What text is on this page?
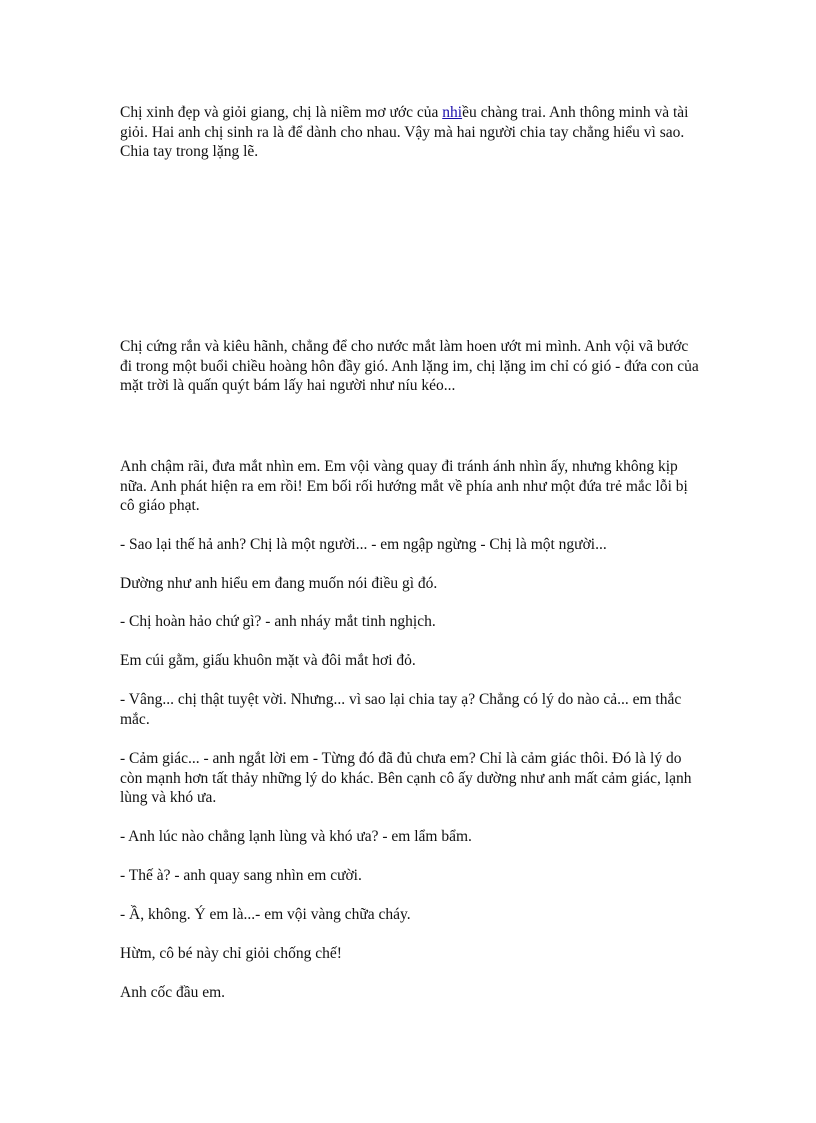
Chị xinh đẹp và giỏi giang, chị là niềm mơ ước của nhiều chàng trai. Anh thông minh và tài giỏi. Hai anh chị sinh ra là để dành cho nhau. Vậy mà hai người chia tay chẳng hiểu vì sao. Chia tay trong lặng lẽ.

Chị cứng rắn và kiêu hãnh, chẳng để cho nước mắt làm hoen ướt mi mình. Anh vội vã bước đi trong một buổi chiều hoàng hôn đầy gió. Anh lặng im, chị lặng im chỉ có gió - đứa con của mặt trời là quấn quýt bám lấy hai người như níu kéo...

Anh chậm rãi, đưa mắt nhìn em. Em vội vàng quay đi tránh ánh nhìn ấy, nhưng không kịp nữa. Anh phát hiện ra em rồi! Em bối rối hướng mắt về phía anh như một đứa trẻ mắc lỗi bị cô giáo phạt.

- Sao lại thế hả anh? Chị là một người... - em ngập ngừng - Chị là một người...

Dường như anh hiểu em đang muốn nói điều gì đó.

- Chị hoàn hảo chứ gì? - anh nháy mắt tinh nghịch.

Em cúi gằm, giấu khuôn mặt và đôi mắt hơi đỏ.

- Vâng... chị thật tuyệt vời. Nhưng... vì sao lại chia tay ạ? Chẳng có lý do nào cả... em thắc mắc.

- Cảm giác... - anh ngắt lời em - Từng đó đã đủ chưa em? Chỉ là cảm giác thôi. Đó là lý do còn mạnh hơn tất thảy những lý do khác. Bên cạnh cô ấy dường như anh mất cảm giác, lạnh lùng và khó ưa.

- Anh lúc nào chẳng lạnh lùng và khó ưa? - em lẩm bẩm.

- Thế à? - anh quay sang nhìn em cười.

- Ầ, không. Ý em là...- em vội vàng chữa cháy.

Hừm, cô bé này chỉ giỏi chống chế!

Anh cốc đầu em.
